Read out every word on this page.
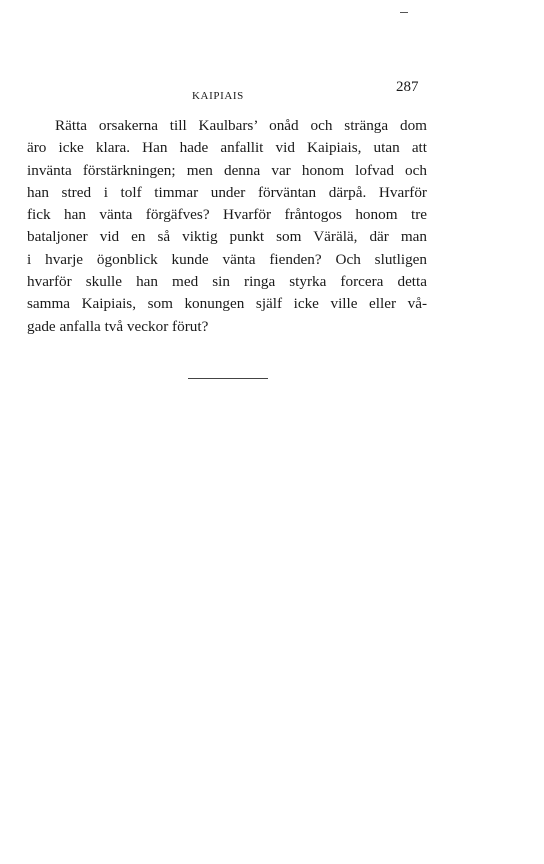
KAIPIAIS
287
Rätta orsakerna till Kaulbars’ onåd och stränga dom
äro icke klara. Han hade anfallit vid Kaipiais, utan att
invänta förstärkningen; men denna var honom lofvad och
han stred i tolf timmar under förväntan därpå. Hvarför
fick han vänta förgäfves? Hvarför fråntogos honom tre
bataljoner vid en så viktig punkt som Värälä, där man
i hvarje ögonblick kunde vänta fienden? Och slutligen
hvarför skulle han med sin ringa styrka forcera detta
samma Kaipiais, som konungen själf icke ville eller vå-
gade anfalla två veckor förut?
